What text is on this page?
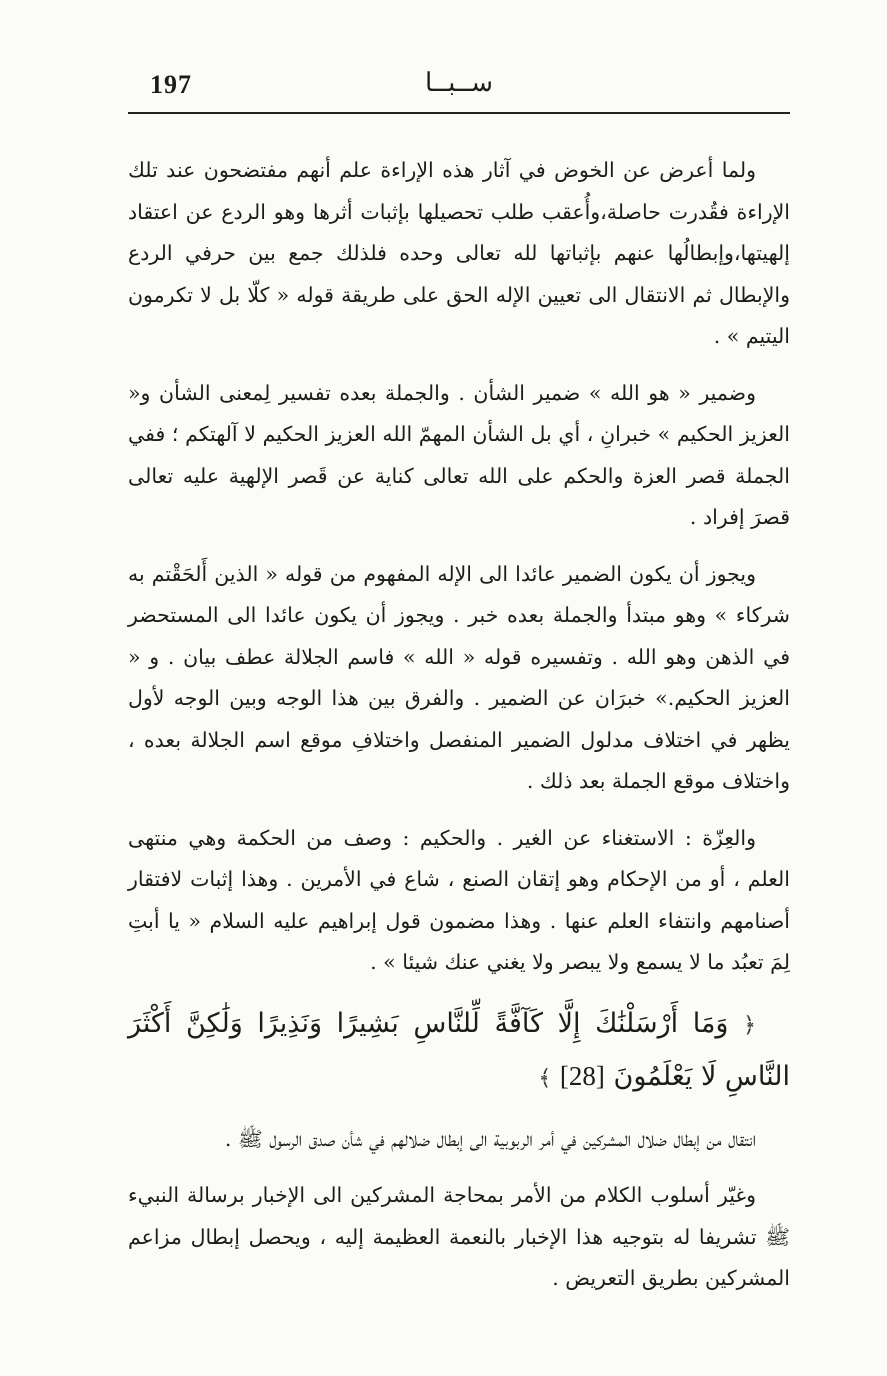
197	ســبــا

ولما أعرض عن الخوض في آثار هذه الإراءة علم أنهم مفتضحون عند تلك الإراءة فقُدرت حاصلة،وأُعقب طلب تحصيلها بإثبات أثرها وهو الردع عن اعتقاد إلهيتها،وإبطالُها عنهم بإثباتها لله تعالى وحده فلذلك جمع بين حرفي الردع والإبطال ثم الانتقال الى تعيين الإله الحق على طريقة قوله « كلّا بل لا تكرمون اليتيم » .

وضمير « هو الله » ضمير الشأن . والجملة بعده تفسير لِمعنى الشأن و« العزيز الحكيم » خبرانِ ، أي بل الشأن المهمّ الله العزيز الحكيم لا آلهتكم ؛ ففي الجملة قصر العزة والحكم على الله تعالى كناية عن قَصر الإلهية عليه تعالى قصرَ إفراد .

ويجوز أن يكون الضمير عائدا الى الإله المفهوم من قوله « الذين أَلحَقْتم به شركاء » وهو مبتدأ والجملة بعده خبر . ويجوز أن يكون عائدا الى المستحضر في الذهن وهو الله . وتفسيره قوله « الله » فاسم الجلالة عطف بيان . و « العزيز الحكيم.» خبرَان عن الضمير . والفرق بين هذا الوجه وبين الوجه لأول يظهر في اختلاف مدلول الضمير المنفصل واختلافِ موقع اسم الجلالة بعده ، واختلاف موقع الجملة بعد ذلك .

والعِزّة : الاستغناء عن الغير . والحكيم : وصف من الحكمة وهي منتهى العلم ، أو من الإحكام وهو إتقان الصنع ، شاع في الأمرين . وهذا إثبات لافتقار أصنامهم وانتفاء العلم عنها . وهذا مضمون قول إبراهيم عليه السلام « يا أبتِ لِمَ تعبُد ما لا يسمع ولا يبصر ولا يغني عنك شيئا » .

﴿ وَمَا أَرْسَلْنَٰكَ إِلَّا كَآفَّةً لِّلنَّاسِ بَشِيرًا وَنَذِيرًا وَلَٰكِنَّ أَكْثَرَ النَّاسِ لَا يَعْلَمُونَ [28] ﴾

انتقال من إبطال ضلال المشركين في أمر الربوبية الى إبطال ضلالهم في شأن صدق الرسول ﷺ .

وغيّر أسلوب الكلام من الأمر بمحاجة المشركين الى الإخبار برسالة النبيء ﷺ تشريفا له بتوجيه هذا الإخبار بالنعمة العظيمة إليه ، ويحصل إبطال مزاعم المشركين بطريق التعريض .
